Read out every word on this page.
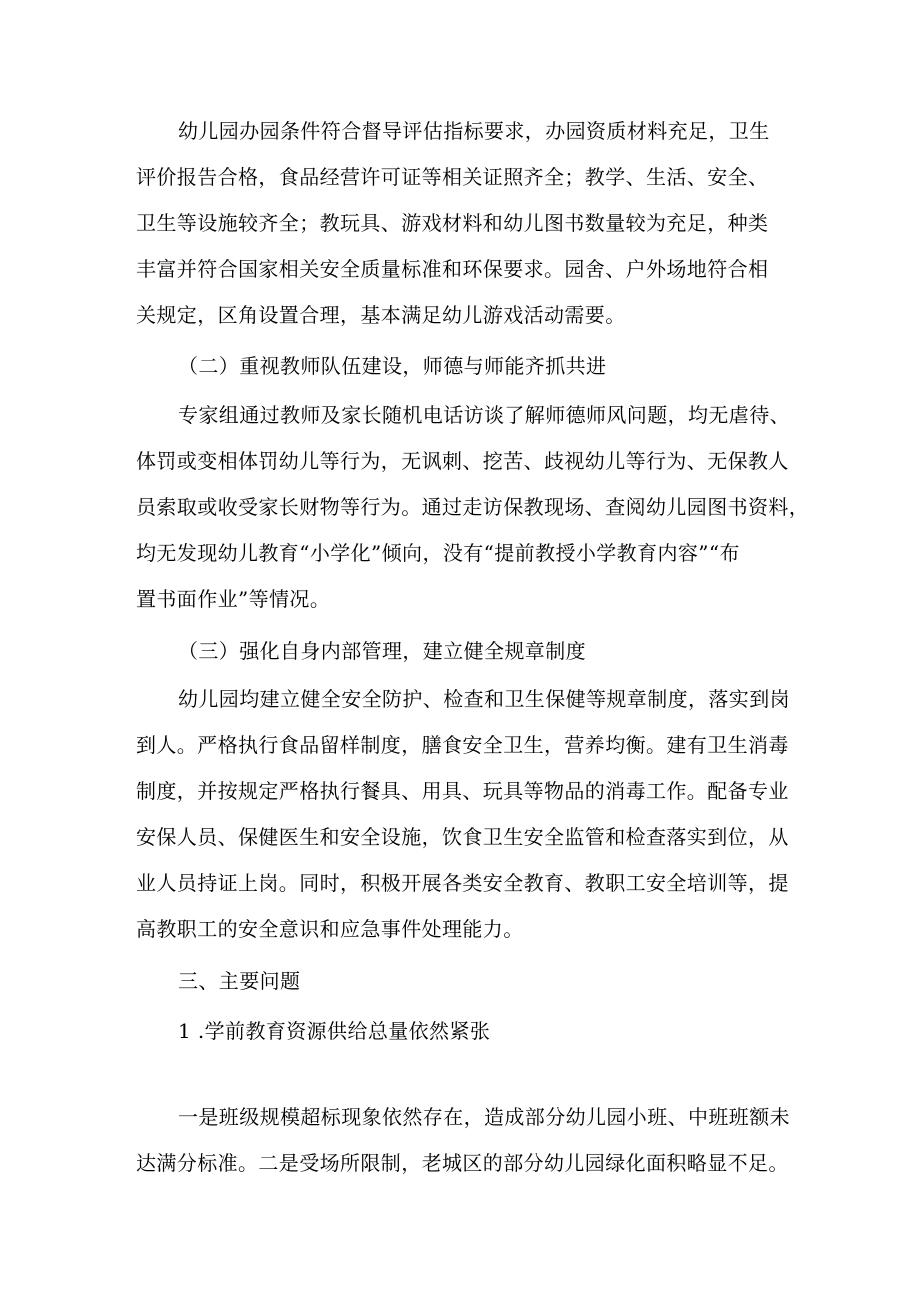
幼儿园办园条件符合督导评估指标要求，办园资质材料充足，卫生
评价报告合格，食品经营许可证等相关证照齐全；教学、生活、安全、
卫生等设施较齐全；教玩具、游戏材料和幼儿图书数量较为充足，种类
丰富并符合国家相关安全质量标准和环保要求。园舍、户外场地符合相
关规定，区角设置合理，基本满足幼儿游戏活动需要。
（二）重视教师队伍建设，师德与师能齐抓共进
专家组通过教师及家长随机电话访谈了解师德师风问题，均无虐待、
体罚或变相体罚幼儿等行为，无讽刺、挖苦、歧视幼儿等行为、无保教人
员索取或收受家长财物等行为。通过走访保教现场、查阅幼儿园图书资料，
均无发现幼儿教育“小学化”倾向，没有“提前教授小学教育内容”“布
置书面作业”等情况。
（三）强化自身内部管理，建立健全规章制度
幼儿园均建立健全安全防护、检查和卫生保健等规章制度，落实到岗
到人。严格执行食品留样制度，膳食安全卫生，营养均衡。建有卫生消毒
制度，并按规定严格执行餐具、用具、玩具等物品的消毒工作。配备专业
安保人员、保健医生和安全设施，饮食卫生安全监管和检查落实到位，从
业人员持证上岗。同时，积极开展各类安全教育、教职工安全培训等，提
高教职工的安全意识和应急事件处理能力。
三、主要问题
1 .学前教育资源供给总量依然紧张
一是班级规模超标现象依然存在，造成部分幼儿园小班、中班班额未
达满分标准。二是受场所限制，老城区的部分幼儿园绿化面积略显不足。
